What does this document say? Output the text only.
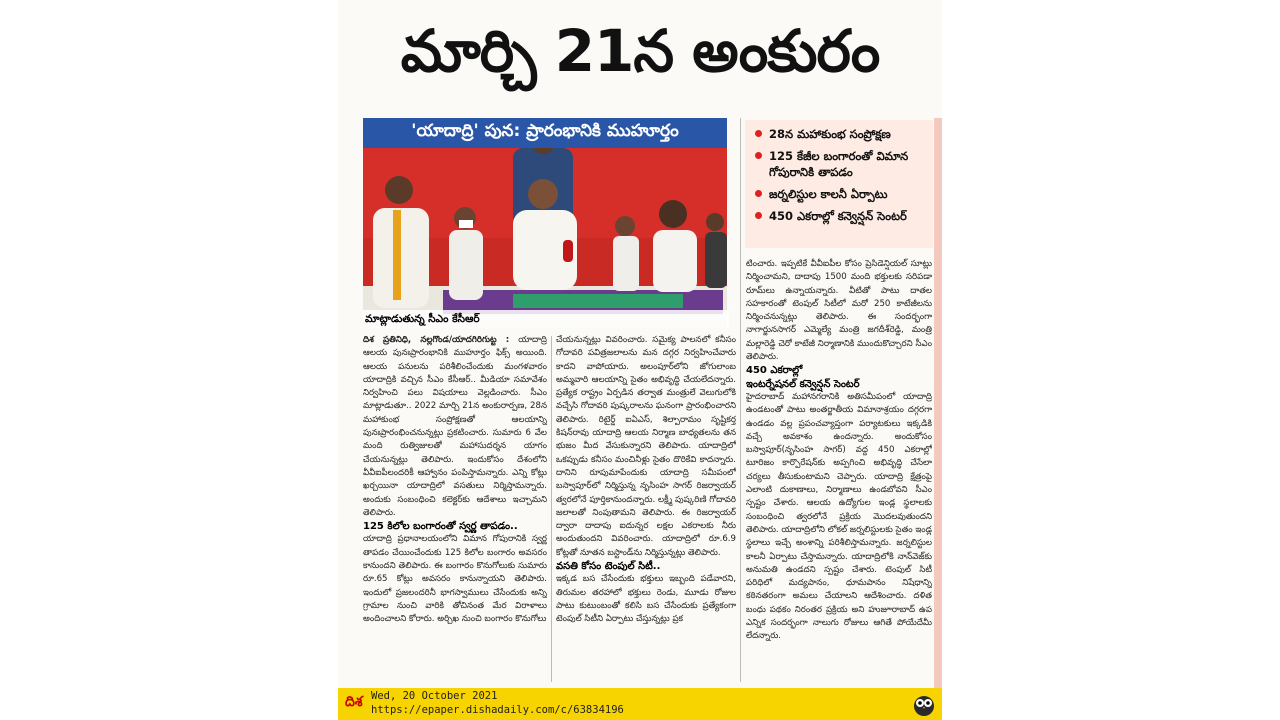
మార్చి 21న అంకురం
'యాదాద్రి' పున: ప్రారంభానికి ముహూర్తం
మాట్లాడుతున్న సీఎం కేసీఆర్
28న మహాకుంభ సంప్రోక్షణ
125 కేజీల బంగారంతో విమాన గోపురానికి తాపడం
జర్నలిస్టుల కాలనీ ఏర్పాటు
450 ఎకరాల్లో కన్వెన్షన్ సెంటర్

దిశ ప్రతినిధి, నల్లగొండ/యాదగిరిగుట్ట : యాదాద్రి ఆలయ పునఃప్రారంభానికి ముహూర్తం ఫిక్స్ అయింది. ఆలయ పనులను పరిశీలించేందుకు మంగళవారం యాదాద్రికి వచ్చిన సీఎం కేసీఆర్.. మీడియా సమావేశం నిర్వహించి పలు విషయాలు వెల్లడించారు. సీఎం మాట్లాడుతూ.. 2022 మార్చి 21న అంకురార్పణ, 28న మహాకుంభ సంప్రోక్షణతో ఆలయాన్ని పునఃప్రారంభించనున్నట్లు ప్రకటించారు. సుమారు 6 వేల మంది రుత్విజులతో మహాసుదర్శన యాగం చేయనున్నట్లు తెలిపారు. ఇందుకోసం దేశంలోని వీవీఐపీలందరికీ ఆహ్వానం పంపిస్తామన్నారు. ఎన్ని కోట్లు ఖర్చయినా యాదాద్రిలో వసతులు నిర్మిస్తామన్నారు. అందుకు సంబంధించి కలెక్టర్‌కు ఆదేశాలు ఇచ్చామని తెలిపారు.

125 కిలోల బంగారంతో స్వర్ణ తాపడం..

యాదాద్రి ప్రధానాలయంలోని విమాన గోపురానికి స్వర్ణ తాపడం చేయించేందుకు 125 కిలోల బంగారం అవసరం కానుందని తెలిపారు. ఈ బంగారం కొనుగోలుకు సుమారు రూ.65 కోట్లు అవసరం కానున్నాయని తెలిపారు. ఇందులో ప్రజలందరినీ భాగస్వాములు చేసేందుకు అన్ని గ్రామాల నుంచి వారికి తోచినంత మేర విరాళాలు అందించాలని కోరారు. అర్చిఖ నుంచి బంగారం కొనుగోలు

చేయనున్నట్లు వివరించారు. సమైక్య పాలనలో కనీసం గోదావరి పవిత్రజలాలను మన దగ్గర నిర్వహించేవారు కాదని వాపోయారు. అలంపూర్‌లోని జోగులాంబ అమ్మవారి ఆలయాన్ని సైతం అభివృద్ధి చేయలేదన్నారు. ప్రత్యేక రాష్ట్రం ఏర్పడిన తర్వాత మంత్రులే వెలుగులోకి వచ్చేసి గోదావరి పుష్కరాలను ఘనంగా ప్రారంభించారని తెలిపారు. రిటైర్డ్ ఐఏఎస్, శిల్పారామం సృష్టికర్త కిషన్‌రావు యాదాద్రి ఆలయ నిర్మాణ బాధ్యతలను తన భుజం మీద వేసుకున్నారని తెలిపారు. యాదాద్రిలో ఒకప్పుడు కనీసం మంచినీళ్లు సైతం దొరికేవి కాదన్నారు. దానిని రూపుమాపేందుకు యాదాద్రి సమీపంలో బస్వాపూర్‌లో నిర్మిస్తున్న నృసింహ సాగర్ రిజర్వాయర్ త్వరలోనే పూర్తికానుందన్నారు. లక్ష్మీ పుష్కరిణి గోదావరి జలాలతో నింపుతామని తెలిపారు. ఈ రిజర్వాయర్ ద్వారా దాదాపు ఐదున్నర లక్షల ఎకరాలకు నీరు అందుతుందని వివరించారు. యాదాద్రిలో రూ.6.9 కోట్లతో నూతన బస్టాండ్‌ను నిర్మిస్తున్నట్లు తెలిపారు.

వసతి కోసం టెంపుల్ సిటీ..

ఇక్కడ బస చేసేందుకు భక్తులు ఇబ్బంది పడేవారని, తిరుమల తరహాలో భక్తులు రెండు, మూడు రోజుల పాటు కుటుంబంతో కలిసి బస చేసేందుకు ప్రత్యేకంగా టెంపుల్ సిటీని ఏర్పాటు చేస్తున్నట్లు ప్రక

టించారు. ఇప్పటికే వీవీఐపీల కోసం ప్రెసిడెన్షియల్ సూట్లు నిర్మించామని, దాదాపు 1500 మంది భక్తులకు సరిపడా రూమ్‌లు ఉన్నాయన్నారు. వీటితో పాటు దాతల సహకారంతో టెంపుల్ సిటీలో మరో 250 కాటేజీలను నిర్మించనున్నట్లు తెలిపారు. ఈ సందర్భంగా నాగార్జునసాగర్ ఎమ్మెల్యే మంత్రి జగదీశ్‌రెడ్డి, మంత్రి మల్లారెడ్డి చెరో కాటేజీ నిర్మాణానికి ముందుకొచ్చారని సీఎం తెలిపారు.

450 ఎకరాల్లో

ఇంటర్నేషనల్ కన్వెన్షన్ సెంటర్

హైదరాబాద్ మహానగరానికి అతిసమీపంలో యాదాద్రి ఉండటంతో పాటు అంతర్జాతీయ విమానాశ్రయం దగ్గరగా ఉండడం వల్ల ప్రపంచవ్యాప్తంగా పర్యాటకులు ఇక్కడికి వచ్చే అవకాశం ఉందన్నారు. అందుకోసం బస్వాపూర్(నృసింహ సాగర్) వద్ద 450 ఎకరాల్లో టూరిజం కార్పొరేషన్‌కు అప్పగించి అభివృద్ధి చేసేలా చర్యలు తీసుకుంటామని చెప్పారు. యాదాద్రి క్షేత్రంపై ఎలాంటి దుకాణాలు, నిర్మాణాలు ఉండబోవని సీఎం స్పష్టం చేశారు. ఆలయ ఉద్యోగుల ఇండ్ల స్థలాలకు సంబంధించి త్వరలోనే ప్రక్రియ మొదలవుతుందని తెలిపారు. యాదాద్రిలోని లోకల్ జర్నలిస్టులకు సైతం ఇండ్ల స్థలాలు ఇచ్చే అంశాన్ని పరిశీలిస్తామన్నారు. జర్నలిస్టుల కాలనీ ఏర్పాటు చేస్తామన్నారు. యాదాద్రిలోకి నాన్‌వెజ్‌కు అనుమతి ఉండదని స్పష్టం చేశారు. టెంపుల్ సిటీ పరిధిలో మద్యపానం, ధూమపానం నిషేధాన్ని కఠినతరంగా అమలు చేయాలని ఆదేశించారు. దళిత బంధు పథకం నిరంతర ప్రక్రియ అని హుజూరాబాద్ ఉప ఎన్నిక సందర్భంగా నాలుగు రోజులు ఆగితే పోయేదేమీ లేదన్నారు.

దిశ Wed, 20 October 2021
https://epaper.dishadaily.com/c/63834196
